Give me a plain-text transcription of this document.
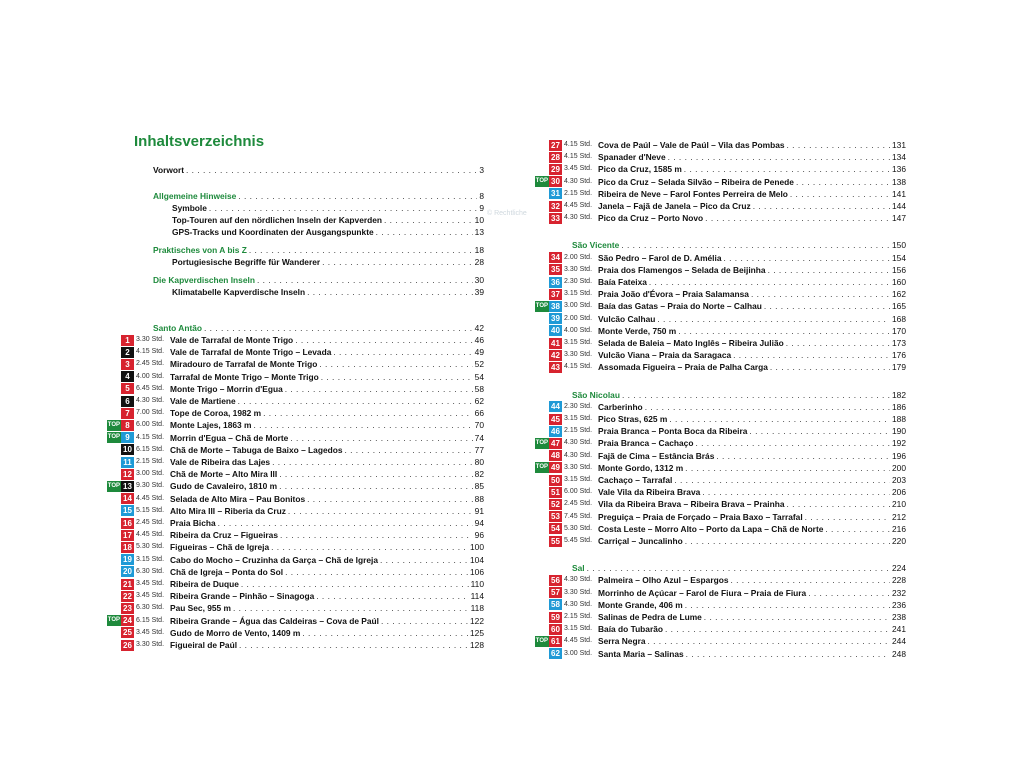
Inhaltsverzeichnis
Vorwort . . .	3
Allgemeine Hinweise . . .	8
Symbole . . .	9
Top-Touren auf den nördlichen Inseln der Kapverden . . .	10
GPS-Tracks und Koordinaten der Ausgangspunkte . . .	13
Praktisches von A bis Z . . .	18
Portugiesische Begriffe für Wanderer . . .	28
Die Kapverdischen Inseln . . .	30
Klimatabelle Kapverdische Inseln . . .	39
Santo Antão . . .	42
1 3.30 Std. Vale de Tarrafal de Monte Trigo . . .	46
2 4.15 Std. Vale de Tarrafal de Monte Trigo – Levada . . .	49
3 2.45 Std. Miradouro de Tarrafal de Monte Trigo . . .	52
4 4.00 Std. Tarrafal de Monte Trigo – Monte Trigo . . .	54
5 6.45 Std. Monte Trigo – Morrin d'Egua . . .	58
6 4.30 Std. Vale de Martiene . . .	62
7 7.00 Std. Tope de Coroa, 1982 m . . .	66
TOP 8 6.00 Std. Monte Lajes, 1863 m . . .	70
TOP 9 4.15 Std. Morrin d'Egua – Chã de Morte . . .	74
10 6.15 Std. Chã de Morte – Tabuga de Baixo – Lagedos . . .	77
11 2.15 Std. Vale de Ribeira das Lajes . . .	80
12 3.00 Std. Chã de Morte – Alto Mira III . . .	82
TOP 13 9.30 Std. Gudo de Cavaleiro, 1810 m . . .	85
14 4.45 Std. Selada de Alto Mira – Pau Bonitos . . .	88
15 5.15 Std. Alto Mira III – Riberia da Cruz . . .	91
16 2.45 Std. Praia Bicha . . .	94
17 4.45 Std. Ribeira da Cruz – Figueiras . . .	96
18 5.30 Std. Figueiras – Chã de Igreja . . .	100
19 3.15 Std. Cabo do Mocho – Cruzinha da Garça – Chã de Igreja . . .	104
20 6.30 Std. Chã de Igreja – Ponta do Sol . . .	106
21 3.45 Std. Ribeira de Duque . . .	110
22 3.45 Std. Ribeira Grande – Pinhão – Sinagoga . . .	114
23 6.30 Std. Pau Sec, 955 m . . .	118
TOP 24 6.15 Std. Ribeira Grande – Água das Caldeiras – Cova de Paúl . . .	122
25 3.45 Std. Gudo de Morro de Vento, 1409 m . . .	125
26 3.30 Std. Figueiral de Paúl . . .	128
27 4.15 Std. Cova de Paúl – Vale de Paúl – Vila das Pombas . . .	131
28 4.15 Std. Spanader d'Neve . . .	134
29 3.45 Std. Pico da Cruz, 1585 m . . .	136
TOP 30 4.30 Std. Pico da Cruz – Selada Silvão – Ribeira de Penede . . .	138
31 2.15 Std. Ribeira de Neve – Farol Fontes Perreira de Melo . . .	141
32 4.45 Std. Janela – Fajã de Janela – Pico da Cruz . . .	144
33 4.30 Std. Pico da Cruz – Porto Novo . . .	147
São Vicente . . .	150
34 2.00 Std. São Pedro – Farol de D. Amélia . . .	154
35 3.30 Std. Praia dos Flamengos – Selada de Beijinha . . .	156
36 2.30 Std. Baía Fateixa . . .	160
37 3.15 Std. Praia João d'Évora – Praia Salamansa . . .	162
TOP 38 3.00 Std. Baía das Gatas – Praia do Norte – Calhau . . .	165
39 2.00 Std. Vulcão Calhau . . .	168
40 4.00 Std. Monte Verde, 750 m . . .	170
41 3.15 Std. Selada de Baleia – Mato Inglês – Ribeira Julião . . .	173
42 3.30 Std. Vulcão Viana – Praia da Saragaca . . .	176
43 4.15 Std. Assomada Figueira – Praia de Palha Carga . . .	179
São Nicolau . . .	182
44 2.30 Std. Carberinho . . .	186
45 3.15 Std. Pico Stras, 625 m . . .	188
46 2.15 Std. Praia Branca – Ponta Boca da Ribeira . . .	190
TOP 47 4.30 Std. Praia Branca – Cachaço . . .	192
48 4.30 Std. Fajã de Cima – Estância Brás . . .	196
TOP 49 3.30 Std. Monte Gordo, 1312 m . . .	200
50 3.15 Std. Cachaço – Tarrafal . . .	203
51 6.00 Std. Vale Vila da Ribeira Brava . . .	206
52 2.45 Std. Vila da Ribeira Brava – Ribeira Brava – Prainha . . .	210
53 7.45 Std. Preguiça – Praia de Forçado – Praia Baxo – Tarrafal . . .	212
54 5.30 Std. Costa Leste – Morro Alto – Porto da Lapa – Chã de Norte . . .	216
55 5.45 Std. Carriçal – Juncalinho . . .	220
Sal . . .	224
56 4.30 Std. Palmeira – Olho Azul – Espargos . . .	228
57 3.30 Std. Morrinho de Açúcar – Farol de Fiura – Praia de Fiura . . .	232
58 4.30 Std. Monte Grande, 406 m . . .	236
59 2.15 Std. Salinas de Pedra de Lume . . .	238
60 3.15 Std. Baía do Tubarão . . .	241
TOP 61 4.45 Std. Serra Negra . . .	244
62 3.00 Std. Santa Maria – Salinas . . .	248
© Rechtliche
